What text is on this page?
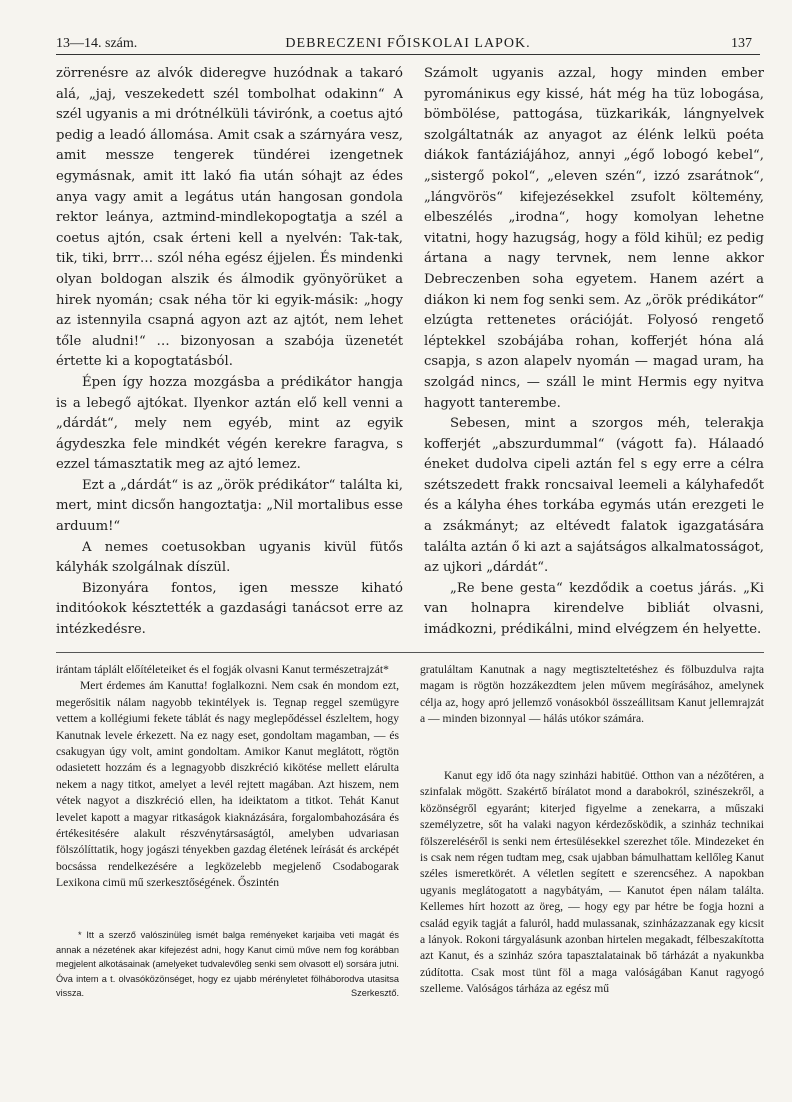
13—14. szám.	DEBRECZENI FŐISKOLAI LAPOK.	137

zörrenésre az alvók dideregve huzódnak a takaró alá, „jaj, veszekedett szél tombolhat odakinn“ A szél ugyanis a mi drótnélküli távirónk, a coetus ajtó pedig a leadó állomása. Amit csak a szárnyára vesz, amit messze tengerek tündérei izengetnek egymásnak, amit itt lakó fia után sóhajt az édes anya vagy amit a legátus után hangosan gondola rektor leánya, aztmind-mindlekopogtatja a szél a coetus ajtón, csak érteni kell a nyelvén: Tak-tak, tik, tiki, brrr… szól néha egész éjjelen. És mindenki olyan boldogan alszik és álmodik gyönyörüket a hirek nyomán; csak néha tör ki egyik-másik: „hogy az istennyila csapná agyon azt az ajtót, nem lehet tőle aludni!“ … bizonyosan a szabója üzenetét értette ki a kopogtatásból.

Épen így hozza mozgásba a prédikátor hangja is a lebegő ajtókat. Ilyenkor aztán elő kell venni a „dárdát“, mely nem egyéb, mint az egyik ágydeszka fele mindkét végén kerekre faragva, s ezzel támasztatik meg az ajtó lemez.

Ezt a „dárdát“ is az „örök prédikátor“ találta ki, mert, mint dicsőn hangoztatja: „Nil mortalibus esse arduum!“

A nemes coetusokban ugyanis kivül fütős kályhák szolgálnak díszül.

Bizonyára fontos, igen messze kiható inditóokok késztették a gazdasági tanácsot erre az intézkedésre.

Számolt ugyanis azzal, hogy minden ember pyromániкus egy kissé, hát még ha tüz lobogása, bömbölése, pattogása, tüzkarikák, lángnyelvek szolgáltatnák az anyagot az élénk lelkü poéta diákok fantáziájához, annyi „égő lobogó kebel“, „sistergő pokol“, „eleven szén“, izzó zsarátnok“, „lángvörös“ kifejezésekkel zsufolt költemény, elbeszélés „irodna“, hogy komolyan lehetne vitatni, hogy hazugság, hogy a föld kihül; ez pedig ártana a nagy tervnek, nem lenne akkor Debreczenben soha egyetem. Hanem azért a diákon ki nem fog senki sem. Az „örök prédikátor“ elzúgta rettenetes orációját. Folyosó rengető léptekkel szobájába rohan, kofferjét hóna alá csapja, s azon alapelv nyomán — magad uram, ha szolgád nincs, — száll le mint Hermis egy nyitva hagyott tanterembe.

Sebesen, mint a szorgos méh, telerakja kofferjét „abszurdummal“ (vágott fa). Hálaadó éneket dudolva cipeli aztán fel s egy erre a célra szétszedett frakk roncsaival leemeli a kályhafedőt és a kályha éhes torkába egymás után erezgeti le a zsákmányt; az eltévedt falatok igazgatására találta aztán ő ki azt a sajátságos alkalmatosságot, az ujkori „dárdát“.

„Re bene gesta“ kezdődik a coetus járás. „Ki van holnapra kirendelve bibliát olvasni, imádkozni, prédikálni, mind elvégzem én helyette.

irántam táplált előítéleteiket és el fogják olvasni Kanut természetrajzát*

Mert érdemes ám Kanutta! foglalkozni. Nem csak én mondom ezt, megerősitik nálam nagyobb tekintélyek is. Tegnap reggel szemügyre vettem a kollégiumi fekete táblát és nagy meglepődéssel észleltem, hogy Kanutnak levele érkezett. Na ez nagy eset, gondoltam magamban, — és csakugyan úgy volt, amint gondoltam. Amikor Kanut meglátott, rögtön odasietett hozzám és a legnagyobb diszkréció kikötése mellett elárulta nekem a nagy titkot, amelyet a levél rejtett magában. Azt hiszem, nem vétek nagyot a diszkréció ellen, ha ideiktatom a titkot. Tehát Kanut levelet kapott a magyar ritkaságok kiaknázására, forgalombahozására és értékesitésére alakult részvénytársaságtól, amelyben udvariasan fölszólíttatik, hogy jogászi tényekben gazdag életének leírását és arcképét bocsássa rendelkezésére a legközelebb megjelenő Csodabogarak Lexikona cimü mű szerkesztőségének. Őszintén

gratuláltam Kanutnak a nagy megtiszteltetéshez és fölbuzdulva rajta magam is rögtön hozzákezdtem jelen művem megírásához, amelynek célja az, hogy apró jellemző vonásokból összeállitsam Kanut jellemrajzát a — minden bizonnyal — hálás utókor számára.

Kanut egy idő óta nagy szinházi habitüé. Otthon van a nézőtéren, a szinfalak mögött. Szakértő bírálatot mond a darabokról, szinészekről, a közönségről egyaránt; kiterjed figyelme a zenekarra, a műszaki személyzetre, sőt ha valaki nagyon kérdezősködik, a szinház technikai fölszereléséről is senki nem értesülésekkel szerezhet tőle. Mindezeket én is csak nem régen tudtam meg, csak ujabban bámulhattam kellőleg Kanut széles ismeretkörét. A véletlen segített e szerencséhez. A napokban ugyanis meglátogatott a nagybátyám, — Kanutot épen nálam találta. Kellemes hírt hozott az öreg, — hogy egy par hétre be fogja hozni a család egyik tagját a faluról, hadd mulassanak, szinházazzanak egy kicsit a lányok. Rokoni tárgyalásunk azonban hirtelen megakadt, félbeszakította azt Kanut, és a szinház szóra tapasztalatainak bő tárházát a nyakunkba zúdította. Csak most tünt föl a maga valóságában Kanut ragyogó szelleme. Valóságos tárháza az egész mű

* Itt a szerző valószinüleg ismét balga reményeket karjaiba veti magát és annak a nézetének akar kifejezést adni, hogy Kanut cimü műve nem fog korábban megjelent alkotásainak (amelyeket tudvalevőleg senki sem olvasott el) sorsára jutni. Óva intem a t. olvasóközönséget, hogy ez ujabb mérényletet fölháborodva utasitsa vissza.	Szerkesztő.
